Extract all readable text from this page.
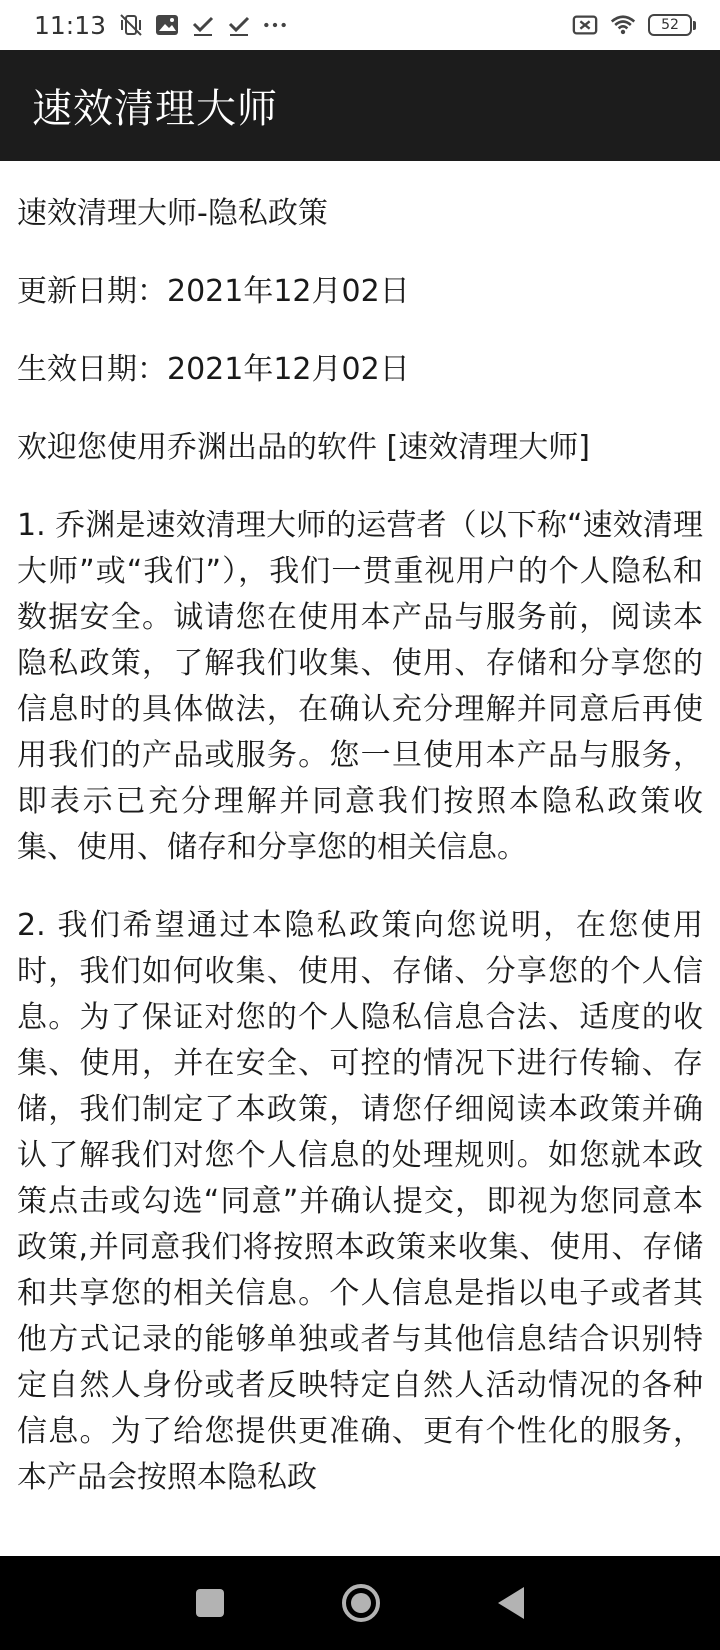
11:13	52
速效清理大师

速效清理大师-隐私政策

更新日期：2021年12月02日

生效日期：2021年12月02日

欢迎您使用乔渊出品的软件 [速效清理大师]

1. 乔渊是速效清理大师的运营者（以下称“速效清理大师”或“我们”），我们一贯重视用户的个人隐私和数据安全。诚请您在使用本产品与服务前，阅读本隐私政策，了解我们收集、使用、存储和分享您的信息时的具体做法，在确认充分理解并同意后再使用我们的产品或服务。您一旦使用本产品与服务，即表示已充分理解并同意我们按照本隐私政策收集、使用、储存和分享您的相关信息。

2. 我们希望通过本隐私政策向您说明，在您使用时，我们如何收集、使用、存储、分享您的个人信息。为了保证对您的个人隐私信息合法、适度的收集、使用，并在安全、可控的情况下进行传输、存储，我们制定了本政策，请您仔细阅读本政策并确认了解我们对您个人信息的处理规则。如您就本政策点击或勾选“同意”并确认提交，即视为您同意本政策,并同意我们将按照本政策来收集、使用、存储和共享您的相关信息。个人信息是指以电子或者其他方式记录的能够单独或者与其他信息结合识别特定自然人身份或者反映特定自然人活动情况的各种信息。为了给您提供更准确、更有个性化的服务，本产品会按照本隐私政
